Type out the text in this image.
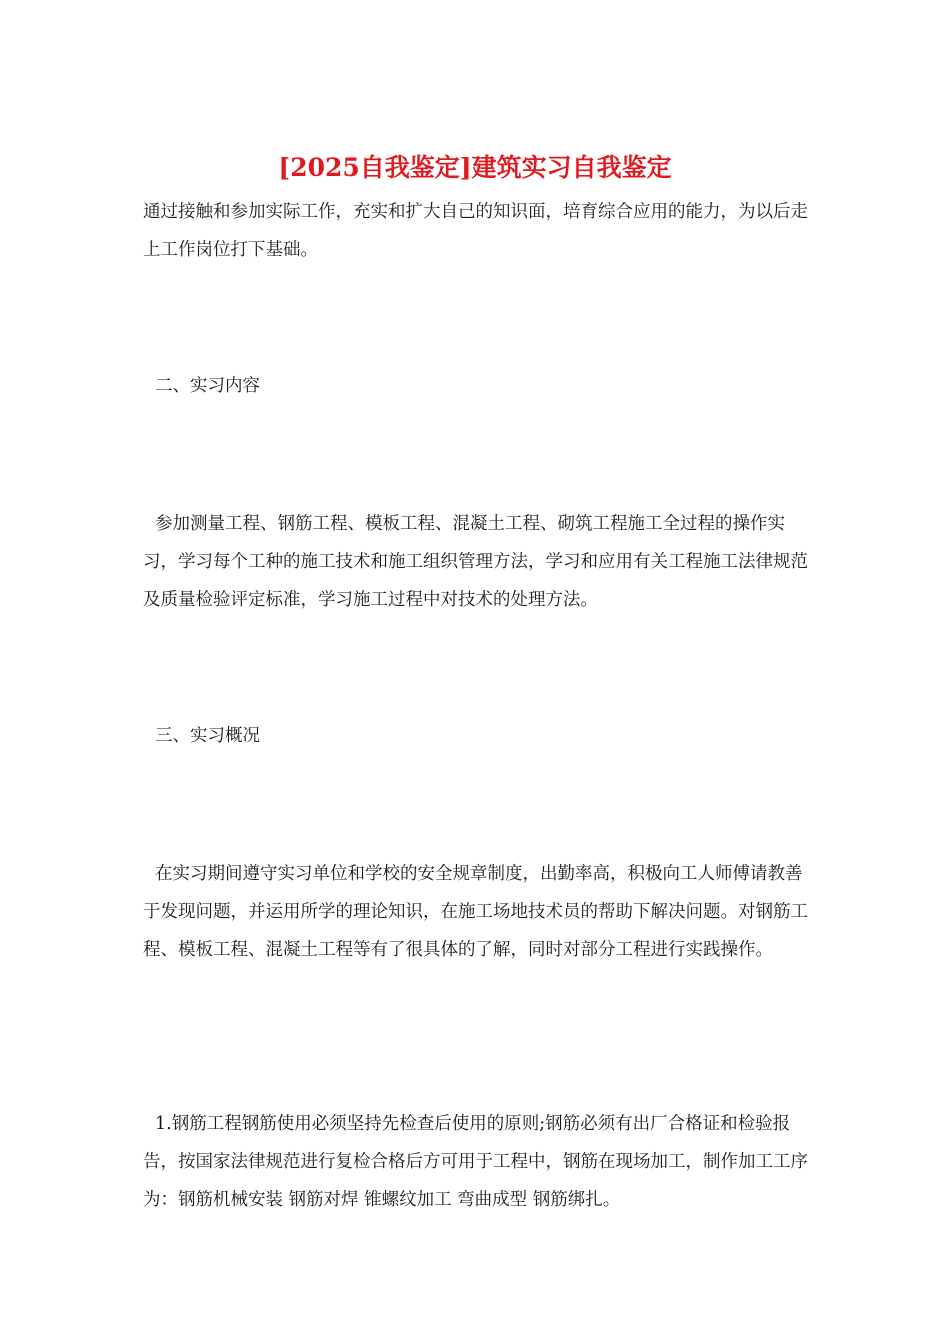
[2025自我鉴定]建筑实习自我鉴定

通过接触和参加实际工作，充实和扩大自己的知识面，培育综合应用的能力，为以后走上工作岗位打下基础。

二、实习内容

参加测量工程、钢筋工程、模板工程、混凝土工程、砌筑工程施工全过程的操作实习，学习每个工种的施工技术和施工组织管理方法，学习和应用有关工程施工法律规范及质量检验评定标准，学习施工过程中对技术的处理方法。

三、实习概况

在实习期间遵守实习单位和学校的安全规章制度，出勤率高，积极向工人师傅请教善于发现问题，并运用所学的理论知识，在施工场地技术员的帮助下解决问题。对钢筋工程、模板工程、混凝土工程等有了很具体的了解，同时对部分工程进行实践操作。

1.钢筋工程钢筋使用必须坚持先检查后使用的原则;钢筋必须有出厂合格证和检验报告，按国家法律规范进行复检合格后方可用于工程中，钢筋在现场加工，制作加工工序为：钢筋机械安装 钢筋对焊 锥螺纹加工 弯曲成型 钢筋绑扎。
